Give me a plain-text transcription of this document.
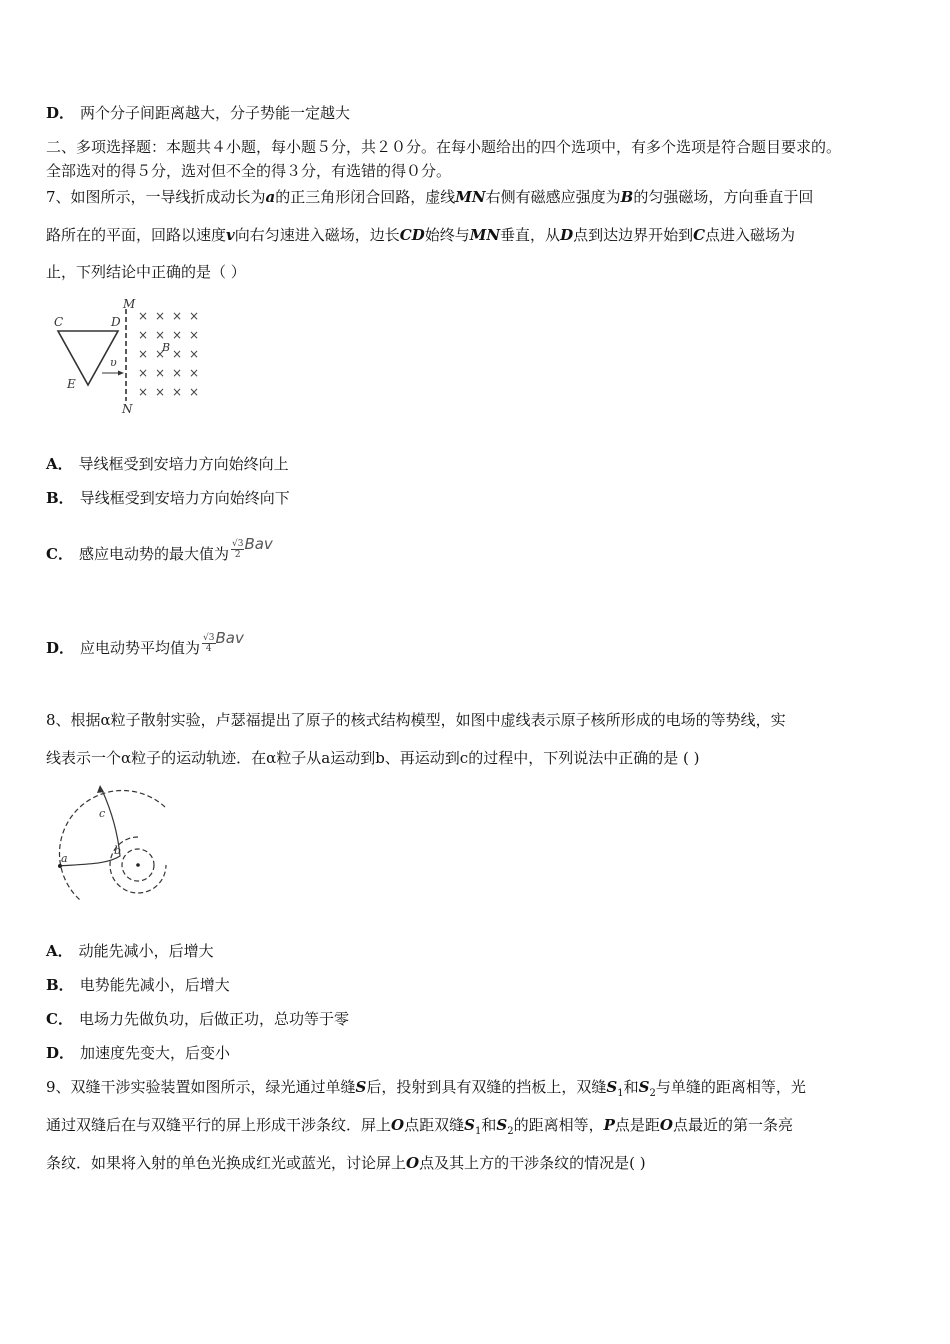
D． 两个分子间距离越大，分子势能一定越大
二、多项选择题：本题共４小题，每小题５分，共２０分。在每小题给出的四个选项中，有多个选项是符合题目要求的。
全部选对的得５分，选对但不全的得３分，有选错的得０分。
7、如图所示，一导线折成动长为a的正三角形闭合回路，虚线MN右侧有磁感应强度为B的匀强磁场，方向垂直于回
路所在的平面，回路以速度v向右匀速进入磁场，边长CD始终与MN垂直，从D点到达边界开始到C点进入磁场为
止，下列结论中正确的是（ ）
C	D
E
M
N
B
υ
× × × ×
× × × ×
× × × ×
× × × ×
× × × ×
A． 导线框受到安培力方向始终向上
B． 导线框受到安培力方向始终向下
C． 感应电动势的最大值为 $\frac{√3}{2}$ Bav
D． 应电动势平均值为 $\frac{√3}{4}$ Bav
8、根据α粒子散射实验，卢瑟福提出了原子的核式结构模型，如图中虚线表示原子核所形成的电场的等势线，实
线表示一个α粒子的运动轨迹．在α粒子从a运动到b、再运动到c的过程中，下列说法中正确的是 ( )
a
b
c
A． 动能先减小，后增大
B． 电势能先减小，后增大
C． 电场力先做负功，后做正功，总功等于零
D． 加速度先变大，后变小
9、双缝干涉实验装置如图所示，绿光通过单缝S后，投射到具有双缝的挡板上，双缝$S_1$和$S_2$与单缝的距离相等，光
通过双缝后在与双缝平行的屏上形成干涉条纹．屏上O点距双缝$S_1$和$S_2$的距离相等，P点是距O点最近的第一条亮
条纹．如果将入射的单色光换成红光或蓝光，讨论屏上O点及其上方的干涉条纹的情况是( )
